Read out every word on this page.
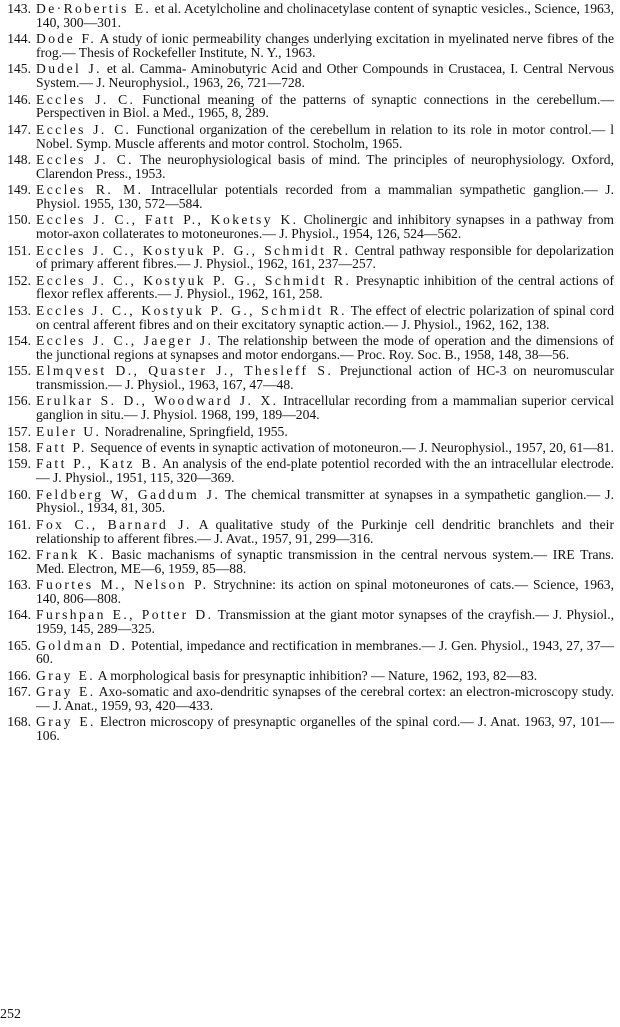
143. De·Robertis E. et al. Acetylcholine and cholinacetylase content of synaptic vesicles., Science, 1963, 140, 300—301.
144. Dode F. A study of ionic permeability changes underlying excitation in myelinated nerve fibres of the frog.— Thesis of Rockefeller Institute, N. Y., 1963.
145. Dudel J. et al. Camma- Aminobutyric Acid and Other Compounds in Crustacea, I. Central Nervous System.— J. Neurophysiol., 1963, 26, 721—728.
146. Eccles J. C. Functional meaning of the patterns of synaptic connections in the cerebellum.— Perspectiven in Biol. a Med., 1965, 8, 289.
147. Eccles J. C. Functional organization of the cerebellum in relation to its role in motor control.— l Nobel. Symp. Muscle afferents and motor control. Stocholm, 1965.
148. Eccles J. C. The neurophysiological basis of mind. The principles of neurophysiology. Oxford, Clarendon Press., 1953.
149. Eccles R. M. Intracellular potentials recorded from a mammalian sympathetic ganglion.— J. Physiol. 1955, 130, 572—584.
150. Eccles J. C., Fatt P., Koketsy K. Cholinergic and inhibitory synapses in a pathway from motor-axon collaterates to motoneurones.— J. Physiol., 1954, 126, 524—562.
151. Eccles J. C., Kostyuk P. G., Schmidt R. Central pathway responsible for depolarization of primary afferent fibres.— J. Physiol., 1962, 161, 237—257.
152. Eccles J. C., Kostyuk P. G., Schmidt R. Presynaptic inhibition of the central actions of flexor reflex afferents.— J. Physiol., 1962, 161, 258.
153. Eccles J. C., Kostyuk P. G., Schmidt R. The effect of electric polarization of spinal cord on central afferent fibres and on their excitatory synaptic action.— J. Physiol., 1962, 162, 138.
154. Eccles J. C., Jaeger J. The relationship between the mode of operation and the dimensions of the junctional regions at synapses and motor endorgans.— Proc. Roy. Soc. B., 1958, 148, 38—56.
155. Elmqvest D., Quaster J., Thesleff S. Prejunctional action of HC-3 on neuromuscular transmission.— J. Physiol., 1963, 167, 47—48.
156. Erulkar S. D., Woodward J. X. Intracellular recording from a mammalian superior cervical ganglion in situ.— J. Physiol. 1968, 199, 189—204.
157. Euler U. Noradrenaline, Springfield, 1955.
158. Fatt P. Sequence of events in synaptic activation of motoneuron.— J. Neurophysiol., 1957, 20, 61—81.
159. Fatt P., Katz B. An analysis of the end-plate potentiol recorded with the an intracellular electrode.— J. Physiol., 1951, 115, 320—369.
160. Feldberg W, Gaddum J. The chemical transmitter at synapses in a sympathetic ganglion.— J. Physiol., 1934, 81, 305.
161. Fox C., Barnard J. A qualitative study of the Purkinje cell dendritic branchlets and their relationship to afferent fibres.— J. Avat., 1957, 91, 299—316.
162. Frank K. Basic machanisms of synaptic transmission in the central nervous system.— IRE Trans. Med. Electron, ME—6, 1959, 85—88.
163. Fuortes M., Nelson P. Strychnine: its action on spinal motoneurones of cats.— Science, 1963, 140, 806—808.
164. Furshpan E., Potter D. Transmission at the giant motor synapses of the crayfish.— J. Physiol., 1959, 145, 289—325.
165. Goldman D. Potential, impedance and rectification in membranes.— J. Gen. Physiol., 1943, 27, 37—60.
166. Gray E. A morphological basis for presynaptic inhibition? — Nature, 1962, 193, 82—83.
167. Gray E. Axo-somatic and axo-dendritic synapses of the cerebral cortex: an electron-microscopy study.— J. Anat., 1959, 93, 420—433.
168. Gray E. Electron microscopy of presynaptic organelles of the spinal cord.— J. Anat. 1963, 97, 101—106.
252
